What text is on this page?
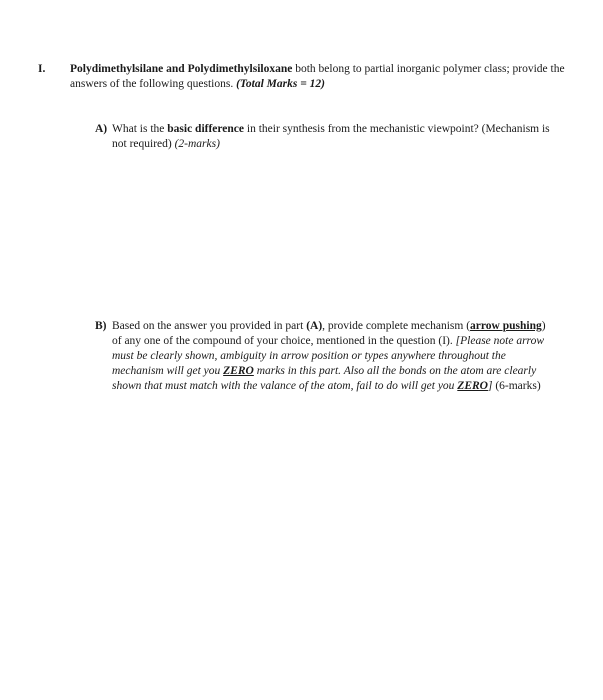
I. Polydimethylsilane and Polydimethylsiloxane both belong to partial inorganic polymer class; provide the answers of the following questions. (Total Marks = 12)
A) What is the basic difference in their synthesis from the mechanistic viewpoint? (Mechanism is not required) (2-marks)
B) Based on the answer you provided in part (A), provide complete mechanism (arrow pushing) of any one of the compound of your choice, mentioned in the question (I). [Please note arrow must be clearly shown, ambiguity in arrow position or types anywhere throughout the mechanism will get you ZERO marks in this part. Also all the bonds on the atom are clearly shown that must match with the valance of the atom, fail to do will get you ZERO] (6-marks)
